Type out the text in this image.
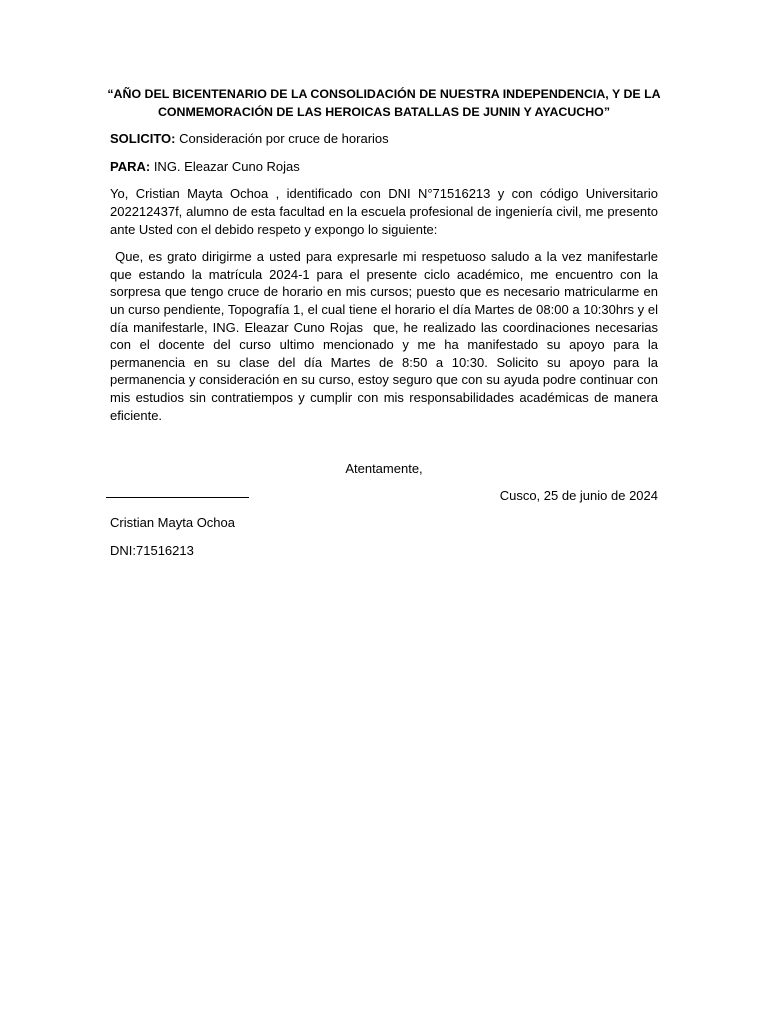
“AÑO DEL BICENTENARIO DE LA CONSOLIDACIÓN DE NUESTRA INDEPENDENCIA, Y DE LA
CONMEMORACIÓN DE LAS HEROICAS BATALLAS DE JUNIN Y AYACUCHO”

SOLICITO: Consideración por cruce de horarios

PARA: ING. Eleazar Cuno Rojas

Yo, Cristian Mayta Ochoa , identificado con DNI N°71516213 y con código Universitario 202212437f, alumno de esta facultad en la escuela profesional de ingeniería civil, me presento ante Usted con el debido respeto y expongo lo siguiente:

Que, es grato dirigirme a usted para expresarle mi respetuoso saludo a la vez manifestarle que estando la matrícula 2024-1 para el presente ciclo académico, me encuentro con la sorpresa que tengo cruce de horario en mis cursos; puesto que es necesario matricularme en un curso pendiente, Topografía 1, el cual tiene el horario el día Martes de 08:00 a 10:30hrs y el día manifestarle, ING. Eleazar Cuno Rojas  que, he realizado las coordinaciones necesarias con el docente del curso ultimo mencionado y me ha manifestado su apoyo para la permanencia en su clase del día Martes de 8:50 a 10:30. Solicito su apoyo para la permanencia y consideración en su curso, estoy seguro que con su ayuda podre continuar con mis estudios sin contratiempos y cumplir con mis responsabilidades académicas de manera eficiente.

Atentamente,

Cusco, 25 de junio de 2024

Cristian Mayta Ochoa

DNI:71516213
